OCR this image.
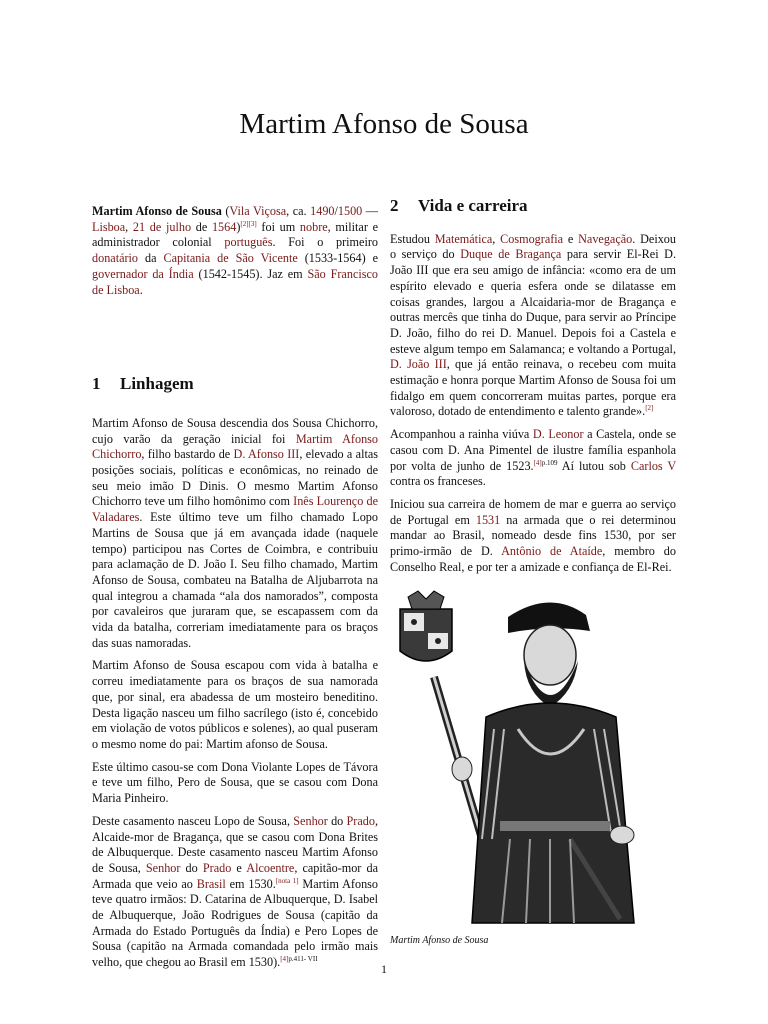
Martim Afonso de Sousa

Martim Afonso de Sousa (Vila Viçosa, ca. 1490/1500 — Lisboa, 21 de julho de 1564)[2][3] foi um nobre, militar e administrador colonial português. Foi o primeiro donatário da Capitania de São Vicente (1533-1564) e governador da Índia (1542-1545). Jaz em São Francisco de Lisboa.

1 Linhagem

Martim Afonso de Sousa descendia dos Sousa Chichorro, cujo varão da geração inicial foi Martim Afonso Chichorro, filho bastardo de D. Afonso III, elevado a altas posições sociais, políticas e econômicas, no reinado de seu meio imão D Dinis. O mesmo Martim Afonso Chichorro teve um filho homônimo com Inês Lourenço de Valadares. Este último teve um filho chamado Lopo Martins de Sousa que já em avançada idade (naquele tempo) participou nas Cortes de Coimbra, e contribuiu para aclamação de D. João I. Seu filho chamado, Martim Afonso de Sousa, combateu na Batalha de Aljubarrota na qual integrou a chamada “ala dos namorados”, composta por cavaleiros que juraram que, se escapassem com da vida da batalha, correriam imediatamente para os braços das suas namoradas.

Martim Afonso de Sousa escapou com vida à batalha e correu imediatamente para os braços de sua namorada que, por sinal, era abadessa de um mosteiro beneditino. Desta ligação nasceu um filho sacrílego (isto é, concebido em violação de votos públicos e solenes), ao qual puseram o mesmo nome do pai: Martim afonso de Sousa.

Este último casou-se com Dona Violante Lopes de Távora e teve um filho, Pero de Sousa, que se casou com Dona Maria Pinheiro.

Deste casamento nasceu Lopo de Sousa, Senhor do Prado, Alcaide-mor de Bragança, que se casou com Dona Brites de Albuquerque. Deste casamento nasceu Martim Afonso de Sousa, Senhor do Prado e Alcoentre, capitão-mor da Armada que veio ao Brasil em 1530.[nota 1] Martim Afonso teve quatro irmãos: D. Catarina de Albuquerque, D. Isabel de Albuquerque, João Rodrigues de Sousa (capitão da Armada do Estado Português da Índia) e Pero Lopes de Sousa (capitão na Armada comandada pelo irmão mais velho, que chegou ao Brasil em 1530).$^{[4]p.411- VII}$

2 Vida e carreira

Estudou Matemática, Cosmografia e Navegação. Deixou o serviço do Duque de Bragança para servir El-Rei D. João III que era seu amigo de infância: «como era de um espírito elevado e queria esfera onde se dilatasse em coisas grandes, largou a Alcaidaria-mor de Bragança e outras mercês que tinha do Duque, para servir ao Príncipe D. João, filho do rei D. Manuel. Depois foi a Castela e esteve algum tempo em Salamanca; e voltando a Portugal, D. João III, que já então reinava, o recebeu com muita estimação e honra porque Martim Afonso de Sousa foi um fidalgo em quem concorreram muitas partes, porque era valoroso, dotado de entendimento e talento grande».[2]

Acompanhou a rainha viúva D. Leonor a Castela, onde se casou com D. Ana Pimentel de ilustre família espanhola por volta de junho de 1523.$^{[4]p.109}$ Aí lutou sob Carlos V contra os franceses.

Iniciou sua carreira de homem de mar e guerra ao serviço de Portugal em 1531 na armada que o rei determinou mandar ao Brasil, nomeado desde fins 1530, por ser primo-irmão de D. Antônio de Ataíde, membro do Conselho Real, e por ter a amizade e confiança de El-Rei.

Martim Afonso de Sousa
1
